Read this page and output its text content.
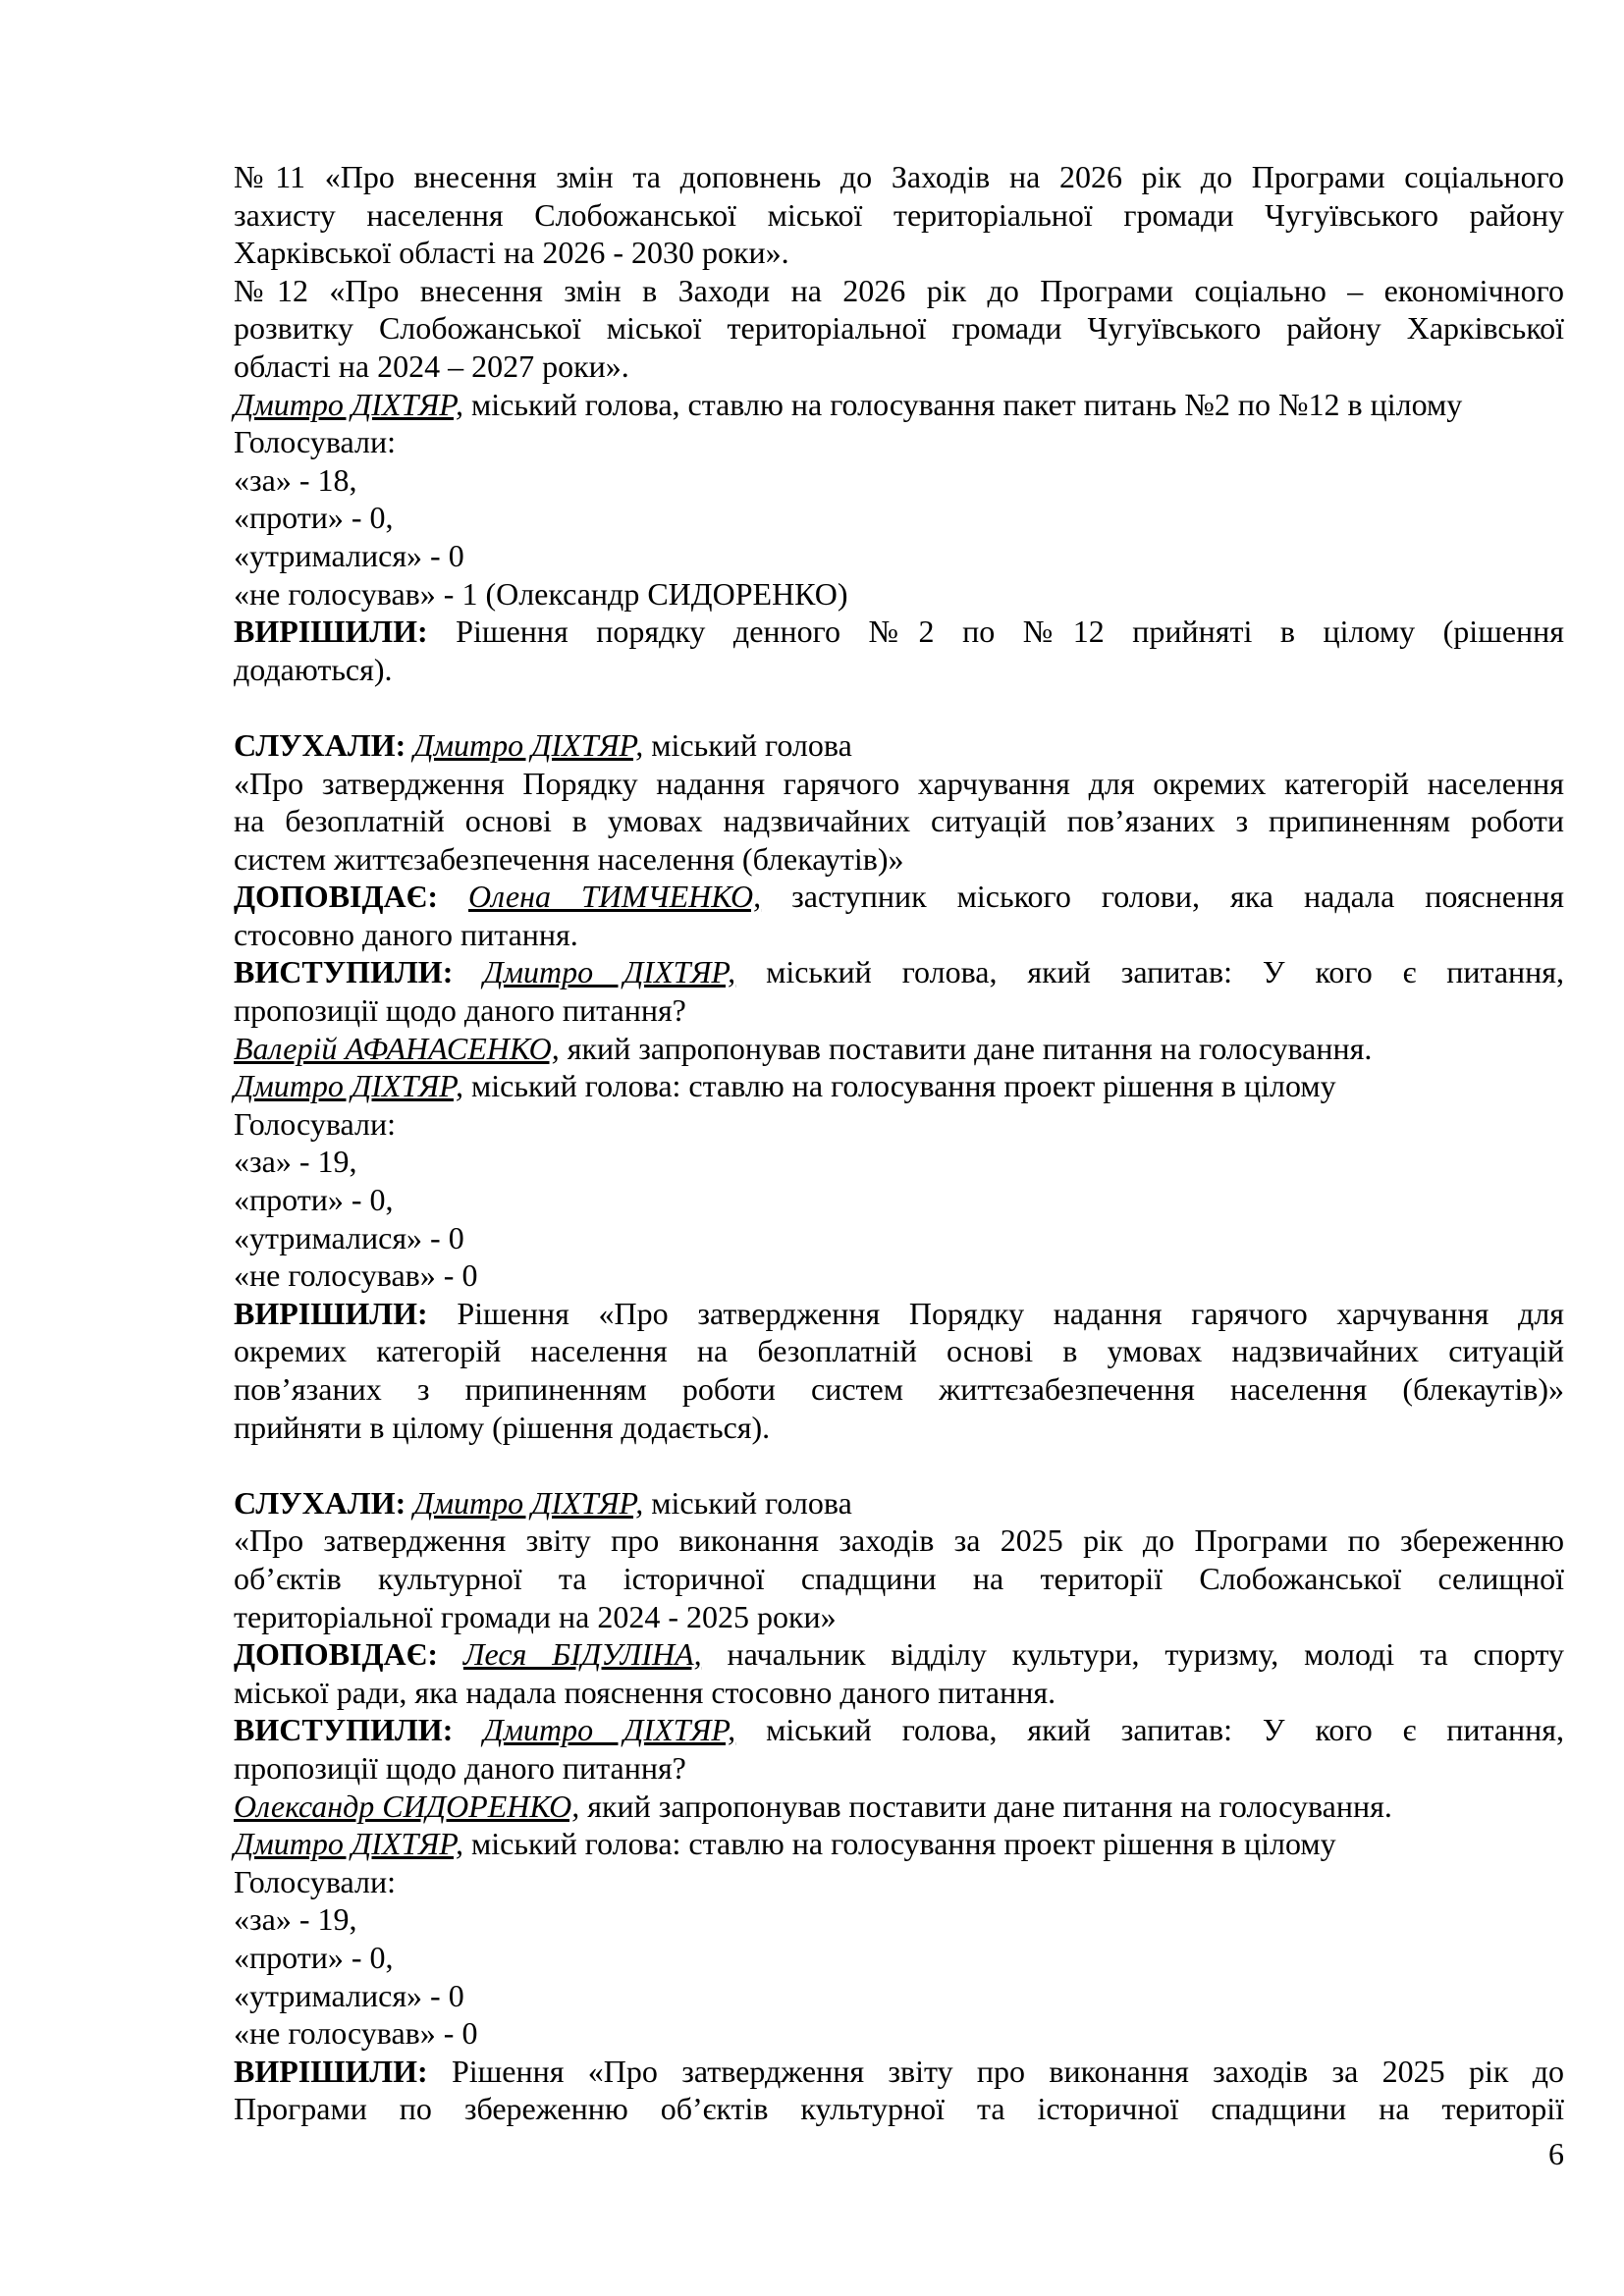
№11 «Про внесення змін та доповнень до Заходів на 2026 рік до Програми соціального
захисту населення Слобожанської міської територіальної громади Чугуївського району
Харківської області на 2026 - 2030 роки».
№12 «Про внесення змін в Заходи на 2026 рік до Програми соціально – економічного
розвитку Слобожанської міської територіальної громади Чугуївського району Харківської
області на 2024 – 2027 роки».
Дмитро ДІХТЯР, міський голова, ставлю на голосування пакет питань №2 по №12 в цілому
Голосували:
«за» - 18,
«проти» - 0,
«утрималися» - 0
«не голосував» - 1 (Олександр СИДОРЕНКО)
ВИРІШИЛИ: Рішення порядку денного №2 по №12 прийняті в цілому (рішення
додаються).
СЛУХАЛИ: Дмитро ДІХТЯР, міський голова
«Про затвердження Порядку надання гарячого харчування для окремих категорій населення
на безоплатній основі в умовах надзвичайних ситуацій пов’язаних з припиненням роботи
систем життєзабезпечення населення (блекаутів)»
ДОПОВІДАЄ: Олена ТИМЧЕНКО, заступник міського голови, яка надала пояснення
стосовно даного питання.
ВИСТУПИЛИ: Дмитро ДІХТЯР, міський голова, який запитав: У кого є питання,
пропозиції щодо даного питання?
Валерій АФАНАСЕНКО, який запропонував поставити дане питання на голосування.
Дмитро ДІХТЯР, міський голова: ставлю на голосування проект рішення в цілому
Голосували:
«за» - 19,
«проти» - 0,
«утрималися» - 0
«не голосував» - 0
ВИРІШИЛИ: Рішення «Про затвердження Порядку надання гарячого харчування для
окремих категорій населення на безоплатній основі в умовах надзвичайних ситуацій
пов’язаних з припиненням роботи систем життєзабезпечення населення (блекаутів)»
прийняти в цілому (рішення додається).
СЛУХАЛИ: Дмитро ДІХТЯР, міський голова
«Про затвердження звіту про виконання заходів за 2025 рік до Програми по збереженню
об’єктів культурної та історичної спадщини на території Слобожанської селищної
територіальної громади на 2024 - 2025 роки»
ДОПОВІДАЄ: Леся БІДУЛІНА, начальник відділу культури, туризму, молоді та спорту
міської ради, яка надала пояснення стосовно даного питання.
ВИСТУПИЛИ: Дмитро ДІХТЯР, міський голова, який запитав: У кого є питання,
пропозиції щодо даного питання?
Олександр СИДОРЕНКО, який запропонував поставити дане питання на голосування.
Дмитро ДІХТЯР, міський голова: ставлю на голосування проект рішення в цілому
Голосували:
«за» - 19,
«проти» - 0,
«утрималися» - 0
«не голосував» - 0
ВИРІШИЛИ: Рішення «Про затвердження звіту про виконання заходів за 2025 рік до
Програми по збереженню об’єктів культурної та історичної спадщини на території
6
